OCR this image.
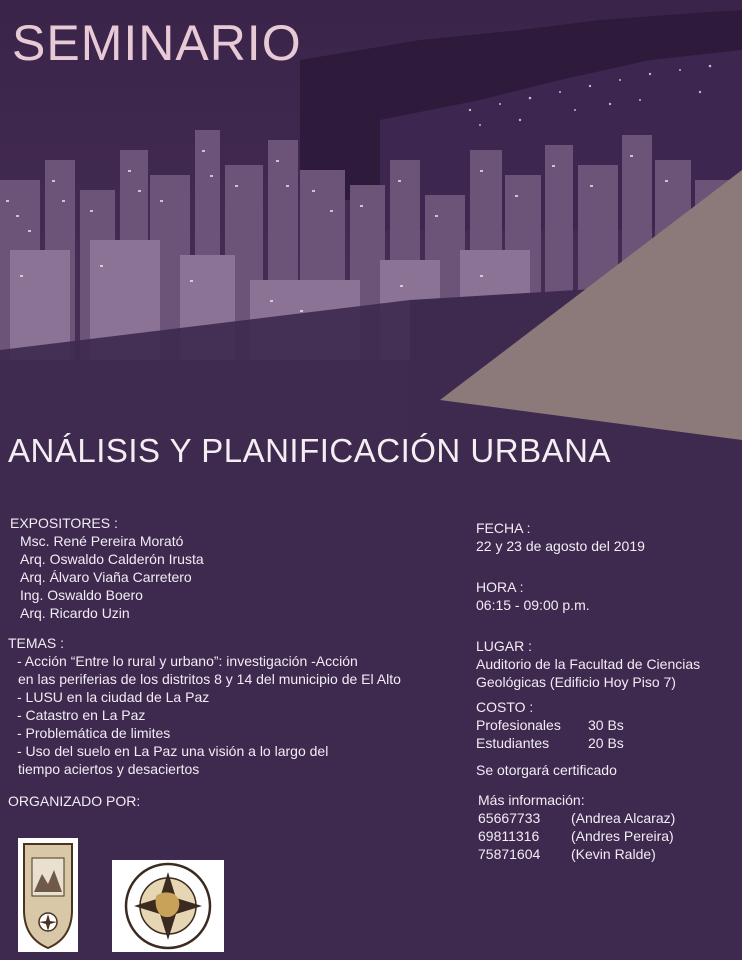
SEMINARIO
ANÁLISIS Y PLANIFICACIÓN URBANA
EXPOSITORES :
Msc. René Pereira Morató
Arq. Oswaldo Calderón Irusta
Arq. Álvaro Viaña Carretero
Ing. Oswaldo Boero
Arq. Ricardo Uzin
TEMAS :
- Acción “Entre lo rural y urbano”: investigación -Acción
en las periferias de los distritos 8 y 14 del municipio de El Alto
- LUSU en la ciudad de La Paz
- Catastro en La Paz
- Problemática de limites
- Uso del suelo en La Paz una visión a lo largo del
tiempo aciertos y desaciertos
ORGANIZADO POR:
FECHA :
22 y 23 de agosto del 2019
HORA :
06:15 - 09:00 p.m.
LUGAR :
Auditorio de la Facultad de Ciencias
Geológicas (Edificio Hoy Piso 7)
COSTO :
Profesionales 30 Bs
Estudiantes	20 Bs
Se otorgará certificado
Más información:
65667733 (Andrea Alcaraz)
69811316 (Andres Pereira)
75871604 (Kevin Ralde)
